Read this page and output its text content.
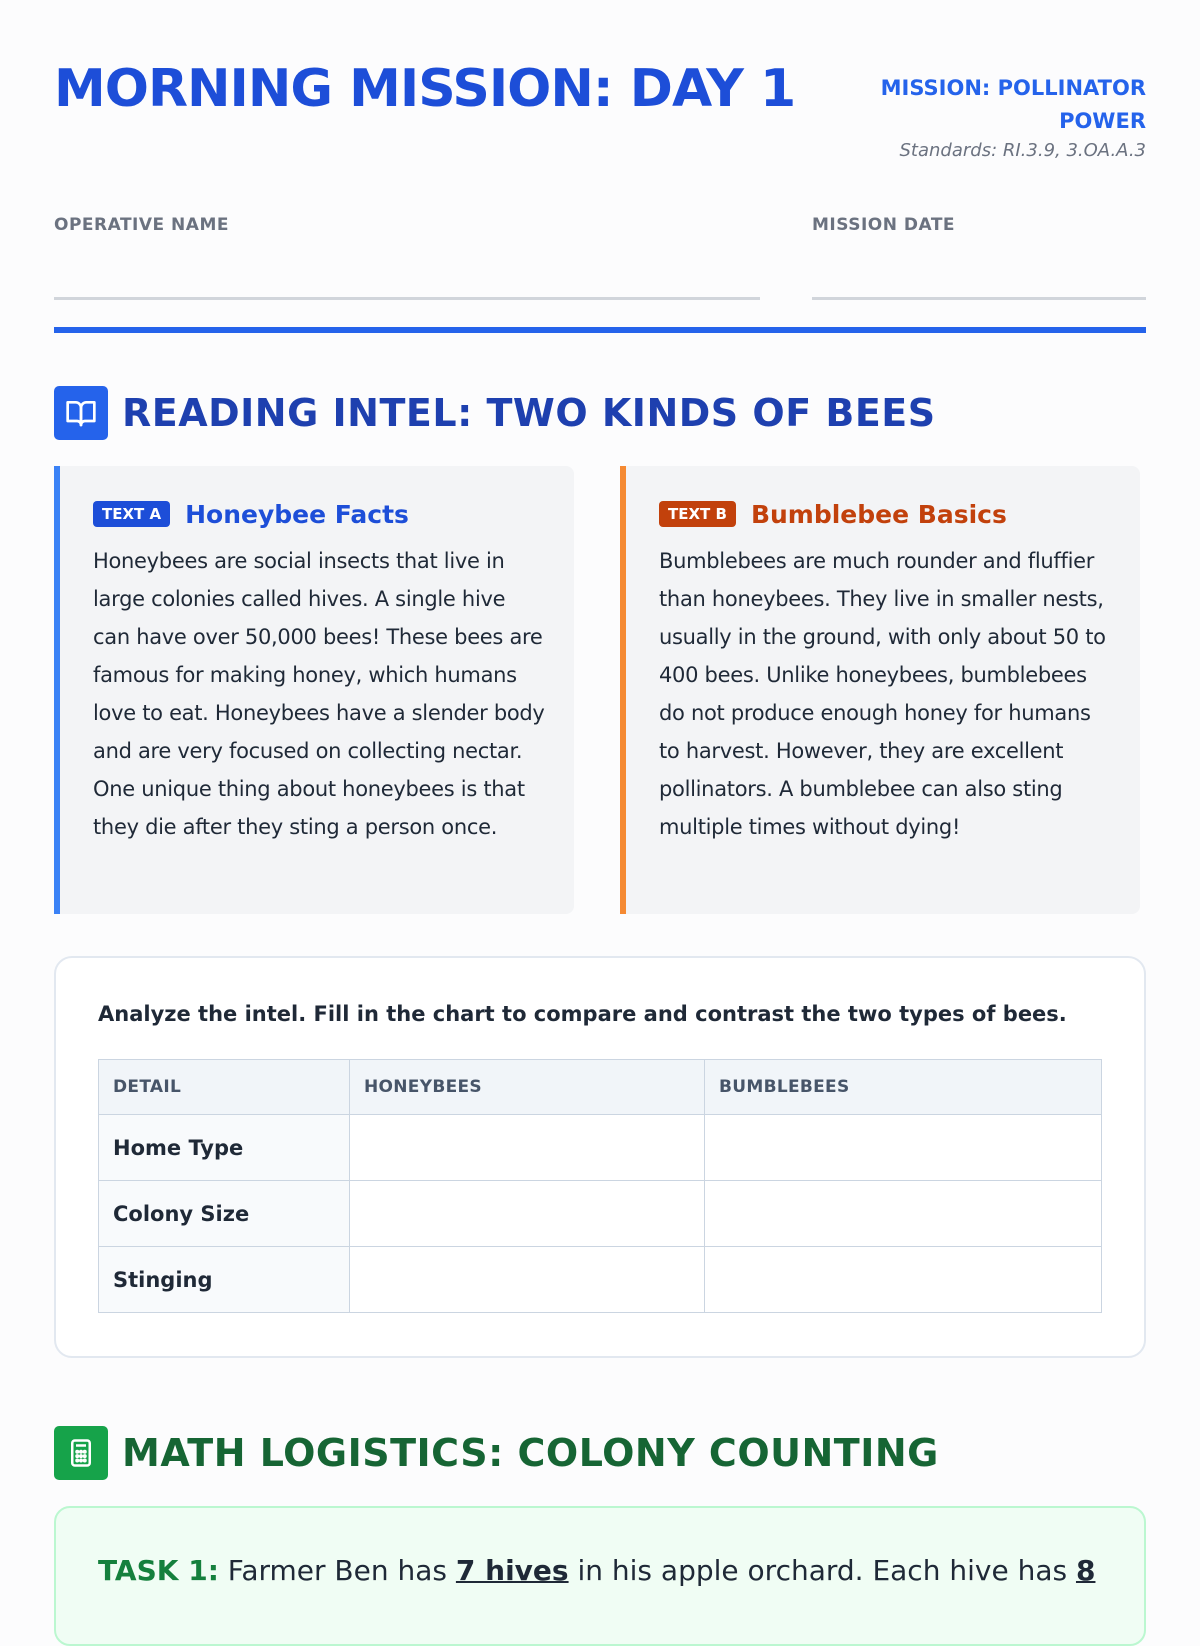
MORNING MISSION: DAY 1	MISSION: POLLINATOR POWER
Standards: RI.3.9, 3.OA.A.3
OPERATIVE NAME	MISSION DATE
READING INTEL: TWO KINDS OF BEES
TEXT A Honeybee Facts

Honeybees are social insects that live in large colonies called hives. A single hive can have over 50,000 bees! These bees are famous for making honey, which humans love to eat. Honeybees have a slender body and are very focused on collecting nectar. One unique thing about honeybees is that they die after they sting a person once.

TEXT B Bumblebee Basics

Bumblebees are much rounder and fluffier than honeybees. They live in smaller nests, usually in the ground, with only about 50 to 400 bees. Unlike honeybees, bumblebees do not produce enough honey for humans to harvest. However, they are excellent pollinators. A bumblebee can also sting multiple times without dying!

Analyze the intel. Fill in the chart to compare and contrast the two types of bees.
DETAIL	HONEYBEES	BUMBLEBEES
Home Type		
Colony Size		
Stinging		
MATH LOGISTICS: COLONY COUNTING
TASK 1: Farmer Ben has 7 hives in his apple orchard. Each hive has 8
